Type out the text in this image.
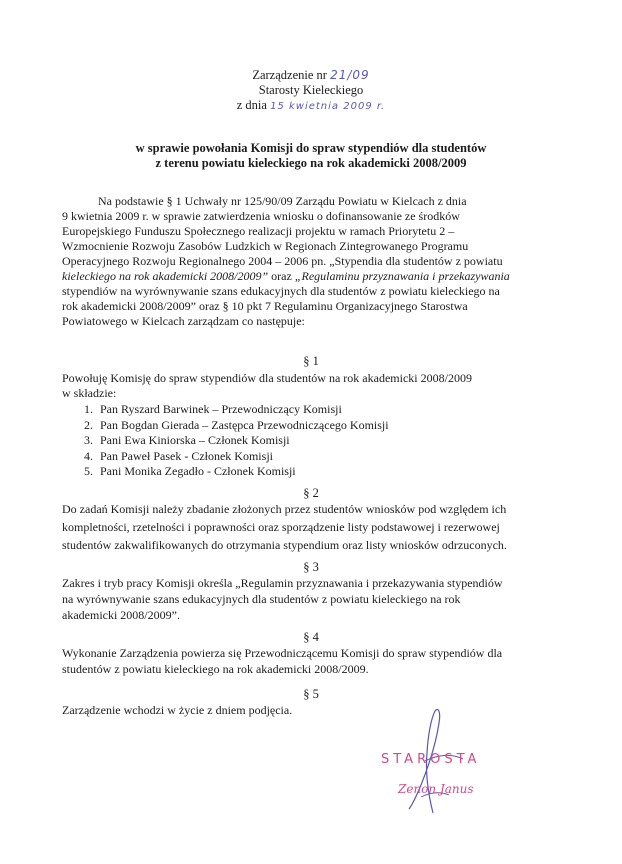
Zarządzenie nr 21/09
Starosty Kieleckiego
z dnia 15 kwietnia 2009 r.
w sprawie powołania Komisji do spraw stypendiów dla studentów
z terenu powiatu kieleckiego na rok akademicki 2008/2009
Na podstawie § 1 Uchwały nr 125/90/09 Zarządu Powiatu w Kielcach z dnia
9 kwietnia 2009 r. w sprawie zatwierdzenia wniosku o dofinansowanie ze środków
Europejskiego Funduszu Społecznego realizacji projektu w ramach Priorytetu 2 –
Wzmocnienie Rozwoju Zasobów Ludzkich w Regionach Zintegrowanego Programu
Operacyjnego Rozwoju Regionalnego 2004 – 2006 pn. „Stypendia dla studentów z powiatu
kieleckiego na rok akademicki 2008/2009” oraz „Regulaminu przyznawania i przekazywania
stypendiów na wyrównywanie szans edukacyjnych dla studentów z powiatu kieleckiego na
rok akademicki 2008/2009” oraz § 10 pkt 7 Regulaminu Organizacyjnego Starostwa
Powiatowego w Kielcach zarządzam co następuje:
§ 1
Powołuję Komisję do spraw stypendiów dla studentów na rok akademicki 2008/2009
w składzie:
1. Pan Ryszard Barwinek – Przewodniczący Komisji
2. Pan Bogdan Gierada – Zastępca Przewodniczącego Komisji
3. Pani Ewa Kiniorska – Członek Komisji
4. Pan Paweł Pasek - Członek Komisji
5. Pani Monika Zegadło - Członek Komisji
§ 2
Do zadań Komisji należy zbadanie złożonych przez studentów wniosków pod względem ich
kompletności, rzetelności i poprawności oraz sporządzenie listy podstawowej i rezerwowej
studentów zakwalifikowanych do otrzymania stypendium oraz listy wniosków odrzuconych.
§ 3
Zakres i tryb pracy Komisji określa „Regulamin przyznawania i przekazywania stypendiów
na wyrównywanie szans edukacyjnych dla studentów z powiatu kieleckiego na rok
akademicki 2008/2009”.
§ 4
Wykonanie Zarządzenia powierza się Przewodniczącemu Komisji do spraw stypendiów dla
studentów z powiatu kieleckiego na rok akademicki 2008/2009.
§ 5
Zarządzenie wchodzi w życie z dniem podjęcia.
STAROSTA
Zenon Janus
